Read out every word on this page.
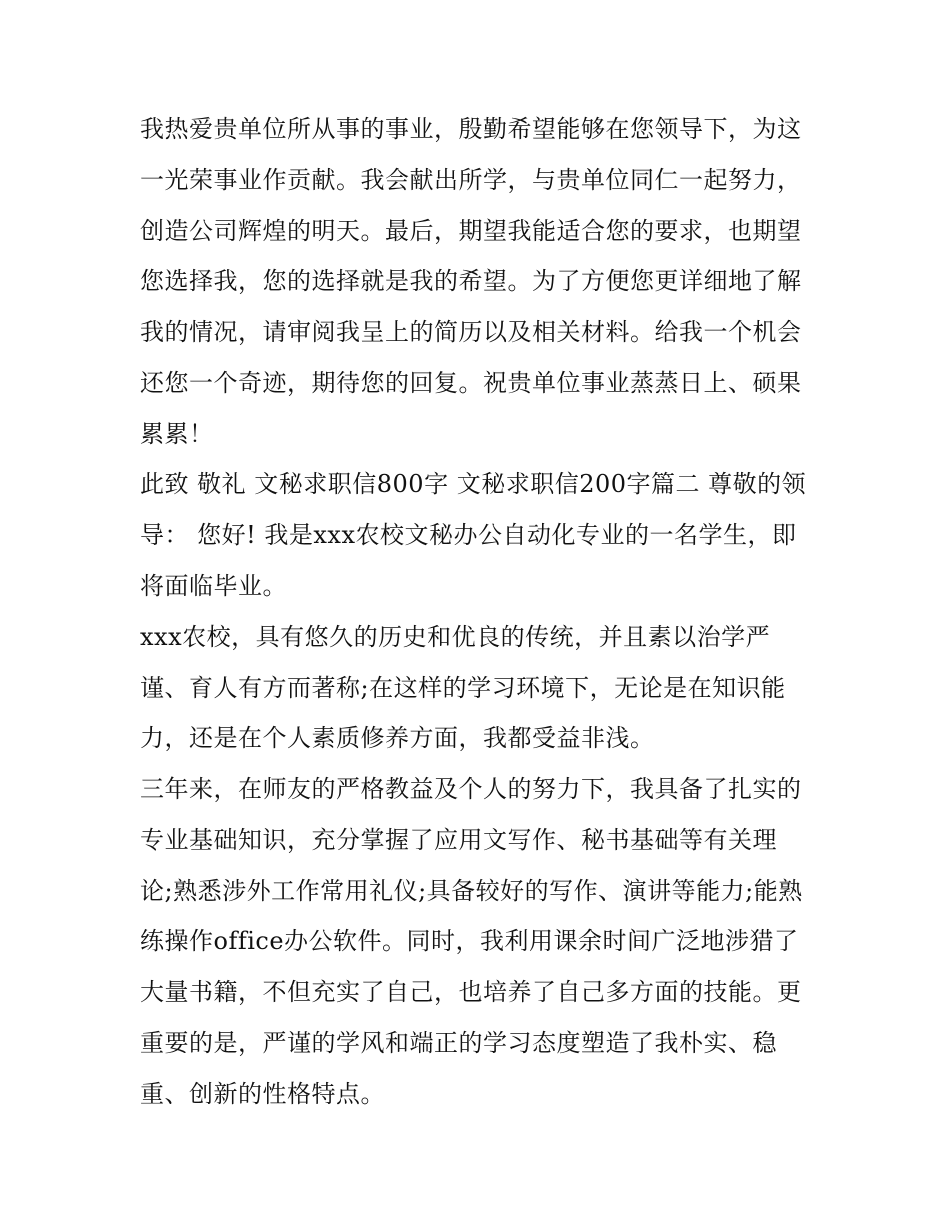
我热爱贵单位所从事的事业，殷勤希望能够在您领导下，为这
一光荣事业作贡献。我会献出所学，与贵单位同仁一起努力，
创造公司辉煌的明天。最后，期望我能适合您的要求，也期望
您选择我，您的选择就是我的希望。为了方便您更详细地了解
我的情况，请审阅我呈上的简历以及相关材料。给我一个机会
还您一个奇迹，期待您的回复。祝贵单位事业蒸蒸日上、硕果
累累！
此致 敬礼 文秘求职信800字 文秘求职信200字篇二 尊敬的领
导： 您好! 我是xxx农校文秘办公自动化专业的一名学生，即
将面临毕业。
xxx农校，具有悠久的历史和优良的传统，并且素以治学严
谨、育人有方而著称;在这样的学习环境下，无论是在知识能
力，还是在个人素质修养方面，我都受益非浅。
三年来，在师友的严格教益及个人的努力下，我具备了扎实的
专业基础知识，充分掌握了应用文写作、秘书基础等有关理
论;熟悉涉外工作常用礼仪;具备较好的写作、演讲等能力;能熟
练操作office办公软件。同时，我利用课余时间广泛地涉猎了
大量书籍，不但充实了自己，也培养了自己多方面的技能。更
重要的是，严谨的学风和端正的学习态度塑造了我朴实、稳
重、创新的性格特点。
